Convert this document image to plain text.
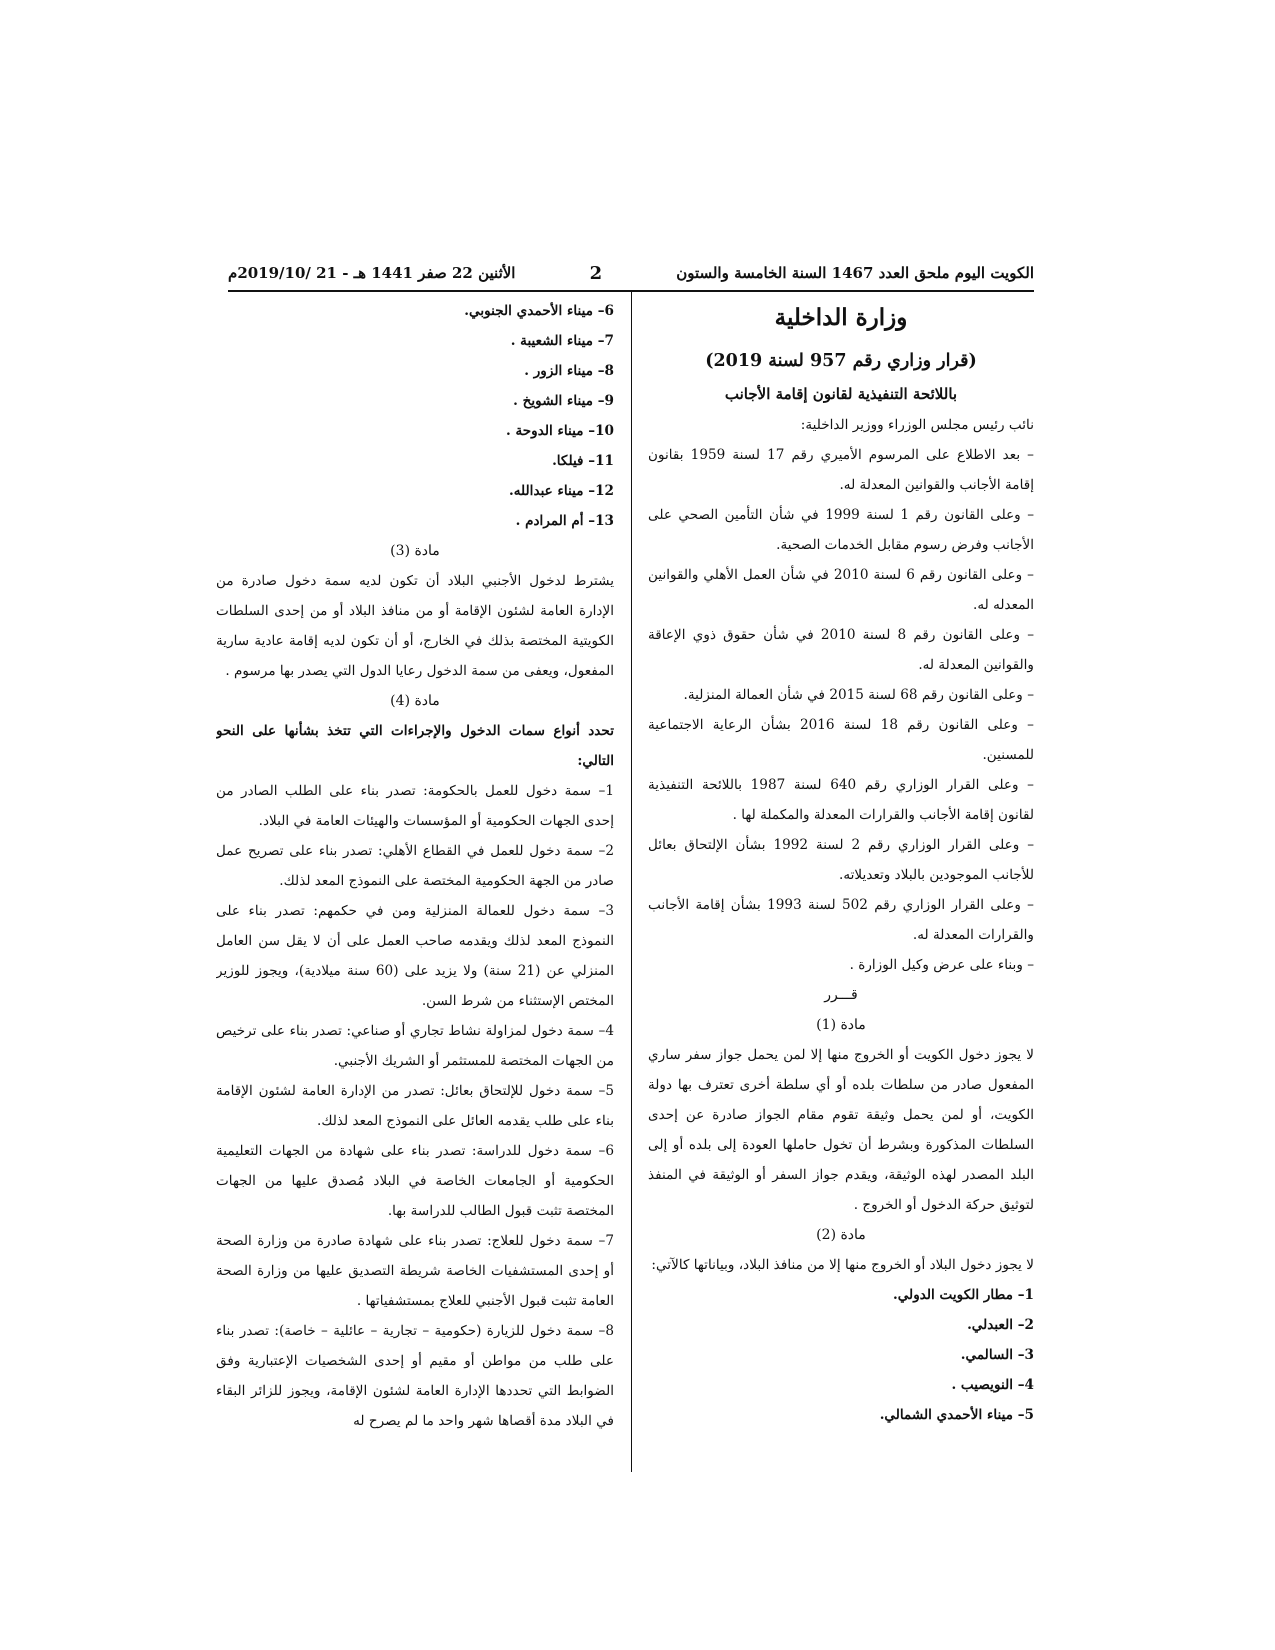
الكويت اليوم ملحق العدد 1467 السنة الخامسة والستون
2
الأثنين 22 صفر 1441 هـ - 21 /2019/10م

وزارة الداخلية

(قرار وزاري رقم 957 لسنة 2019)

باللائحة التنفيذية لقانون إقامة الأجانب

نائب رئيس مجلس الوزراء ووزير الداخلية:

– بعد الاطلاع على المرسوم الأميري رقم 17 لسنة 1959 بقانون إقامة الأجانب والقوانين المعدلة له.

– وعلى القانون رقم 1 لسنة 1999 في شأن التأمين الصحي على الأجانب وفرض رسوم مقابل الخدمات الصحية.

– وعلى القانون رقم 6 لسنة 2010 في شأن العمل الأهلي والقوانين المعدله له.

– وعلى القانون رقم 8 لسنة 2010 في شأن حقوق ذوي الإعاقة والقوانين المعدلة له.

– وعلى القانون رقم 68 لسنة 2015 في شأن العمالة المنزلية.

– وعلى القانون رقم 18 لسنة 2016 بشأن الرعاية الاجتماعية للمسنين.

– وعلى القرار الوزاري رقم 640 لسنة 1987 باللائحة التنفيذية لقانون إقامة الأجانب والقرارات المعدلة والمكملة لها .

– وعلى القرار الوزاري رقم 2 لسنة 1992 بشأن الإلتحاق بعائل للأجانب الموجودين بالبلاد وتعديلاته.

– وعلى القرار الوزاري رقم 502 لسنة 1993 بشأن إقامة الأجانب والقرارات المعدلة له.

– وبناء على عرض وكيل الوزارة .

قـــرر

مادة (1)

لا يجوز دخول الكويت أو الخروج منها إلا لمن يحمل جواز سفر ساري المفعول صادر من سلطات بلده أو أي سلطة أخرى تعترف بها دولة الكويت، أو لمن يحمل وثيقة تقوم مقام الجواز صادرة عن إحدى السلطات المذكورة وبشرط أن تخول حاملها العودة إلى بلده أو إلى البلد المصدر لهذه الوثيقة، ويقدم جواز السفر أو الوثيقة في المنفذ لتوثيق حركة الدخول أو الخروج .

مادة (2)

لا يجوز دخول البلاد أو الخروج منها إلا من منافذ البلاد، وبياناتها كالآتي:

1– مطار الكويت الدولي.

2– العبدلي.

3– السالمي.

4– النويصيب .

5– ميناء الأحمدي الشمالي.

6– ميناء الأحمدي الجنوبي.

7– ميناء الشعيبة .

8– ميناء الزور .

9– ميناء الشويخ .

10– ميناء الدوحة .

11– فيلكا.

12– ميناء عبدالله.

13– أم المرادم .

مادة (3)

يشترط لدخول الأجنبي البلاد أن تكون لديه سمة دخول صادرة من الإدارة العامة لشئون الإقامة أو من منافذ البلاد أو من إحدى السلطات الكويتية المختصة بذلك في الخارج، أو أن تكون لديه إقامة عادية سارية المفعول، ويعفى من سمة الدخول رعايا الدول التي يصدر بها مرسوم .

مادة (4)

تحدد أنواع سمات الدخول والإجراءات التي تتخذ بشأنها على النحو التالي:

1– سمة دخول للعمل بالحكومة: تصدر بناء على الطلب الصادر من إحدى الجهات الحكومية أو المؤسسات والهيئات العامة في البلاد.

2– سمة دخول للعمل في القطاع الأهلي: تصدر بناء على تصريح عمل صادر من الجهة الحكومية المختصة على النموذج المعد لذلك.

3– سمة دخول للعمالة المنزلية ومن في حكمهم: تصدر بناء على النموذج المعد لذلك ويقدمه صاحب العمل على أن لا يقل سن العامل المنزلي عن (21 سنة) ولا يزيد على (60 سنة ميلادية)، ويجوز للوزير المختص الإستثناء من شرط السن.

4– سمة دخول لمزاولة نشاط تجاري أو صناعي: تصدر بناء على ترخيص من الجهات المختصة للمستثمر أو الشريك الأجنبي.

5– سمة دخول للإلتحاق بعائل: تصدر من الإدارة العامة لشئون الإقامة بناء على طلب يقدمه العائل على النموذج المعد لذلك.

6– سمة دخول للدراسة: تصدر بناء على شهادة من الجهات التعليمية الحكومية أو الجامعات الخاصة في البلاد مُصدق عليها من الجهات المختصة تثبت قبول الطالب للدراسة بها.

7– سمة دخول للعلاج: تصدر بناء على شهادة صادرة من وزارة الصحة أو إحدى المستشفيات الخاصة شريطة التصديق عليها من وزارة الصحة العامة تثبت قبول الأجنبي للعلاج بمستشفياتها .

8– سمة دخول للزيارة (حكومية – تجارية – عائلية – خاصة): تصدر بناء على طلب من مواطن أو مقيم أو إحدى الشخصيات الإعتبارية وفق الضوابط التي تحددها الإدارة العامة لشئون الإقامة، ويجوز للزائر البقاء في البلاد مدة أقصاها شهر واحد ما لم يصرح له
